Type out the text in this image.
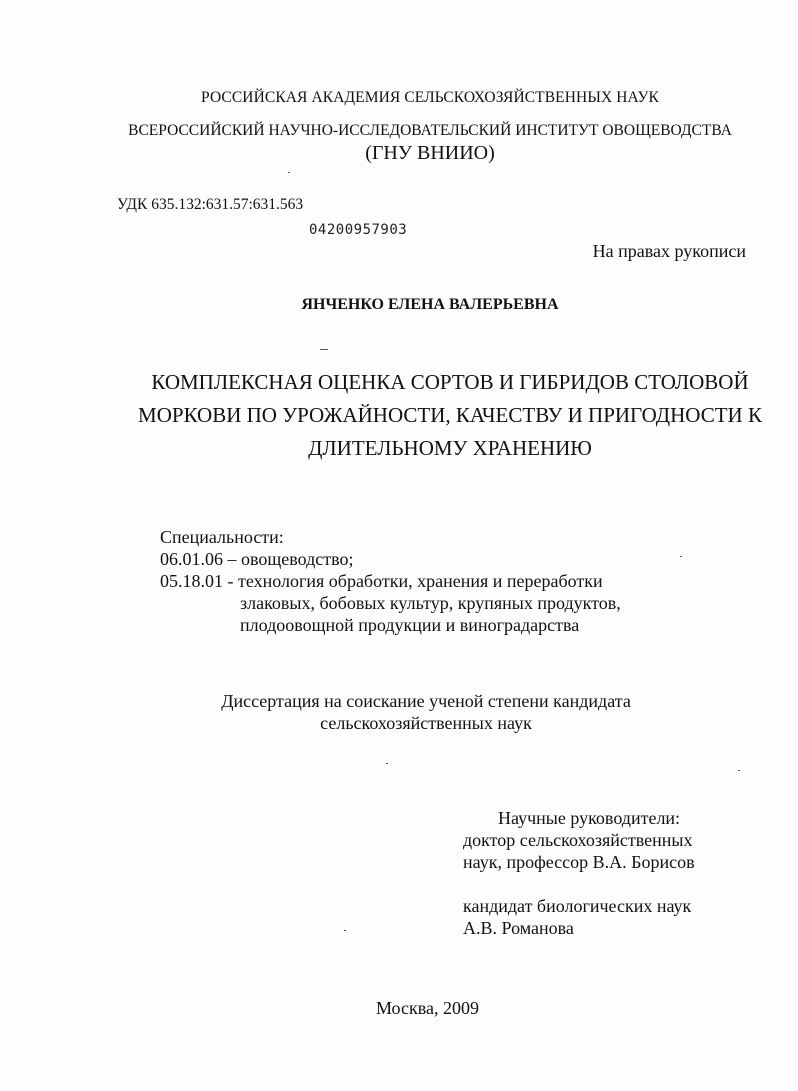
РОССИЙСКАЯ АКАДЕМИЯ СЕЛЬСКОХОЗЯЙСТВЕННЫХ НАУК
ВСЕРОССИЙСКИЙ НАУЧНО-ИССЛЕДОВАТЕЛЬСКИЙ ИНСТИТУТ ОВОЩЕВОДСТВА
(ГНУ ВНИИО)
УДК 635.132:631.57:631.563
04200957903
На правах рукописи
ЯНЧЕНКО ЕЛЕНА ВАЛЕРЬЕВНА
КОМПЛЕКСНАЯ ОЦЕНКА СОРТОВ И ГИБРИДОВ СТОЛОВОЙ
МОРКОВИ ПО УРОЖАЙНОСТИ, КАЧЕСТВУ И ПРИГОДНОСТИ К
ДЛИТЕЛЬНОМУ ХРАНЕНИЮ
Специальности:
06.01.06 – овощеводство;
05.18.01 - технология обработки, хранения и переработки
злаковых, бобовых культур, крупяных продуктов,
плодоовощной продукции и виноградарства
Диссертация на соискание ученой степени кандидата
сельскохозяйственных наук
Научные руководители:
доктор сельскохозяйственных
наук, профессор В.А. Борисов
кандидат биологических наук
А.В. Романова
Москва, 2009
